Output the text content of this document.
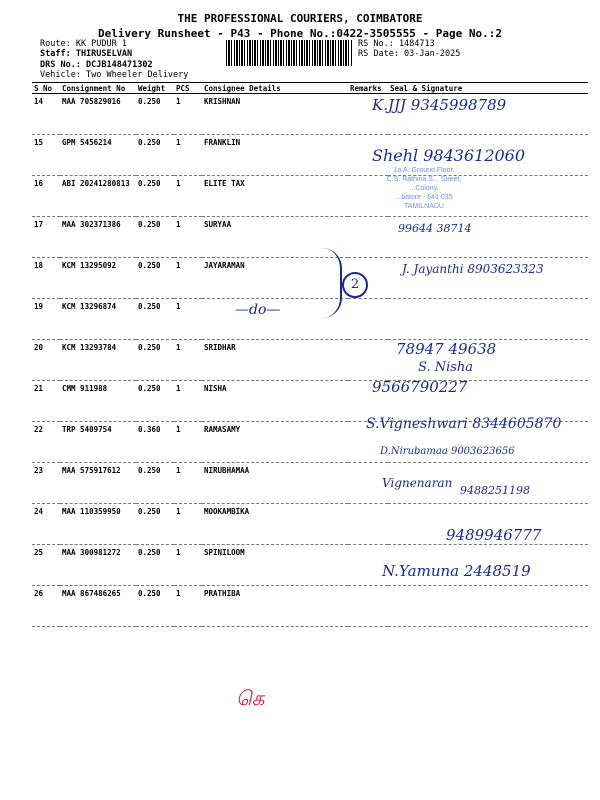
THE PROFESSIONAL COURIERS, COIMBATORE
Delivery Runsheet - P43 - Phone No.:0422-3505555 - Page No.:2
Route: KK PUDUR 1
Staff: THIRUSELVAN
DRS No.: DCJB148471302
Vehicle: Two Wheeler Delivery
RS No.: 1484713
RS Date: 03-Jan-2025
S No	Consignment No	Weight	PCS	Consignee Details	Remarks	Seal & Signature
14	MAA 705829016	0.250	1	KRISHNAN		
15	GPM 5456214	0.250	1	FRANKLIN		
16	ABI 20241280813	0.250	1	ELITE TAX		
17	MAA 302371386	0.250	1	SURYAA		
18	KCM 13295092	0.250	1	JAYARAMAN		
19	KCM 13296874	0.250	1			
20	KCM 13293784	0.250	1	SRIDHAR		
21	CMM 911988	0.250	1	NISHA		
22	TRP 5409754	0.360	1	RAMASAMY		
23	MAA 575917612	0.250	1	NIRUBHAMAA		
24	MAA 110359950	0.250	1	MOOKAMBIKA		
25	MAA 300981272	0.250	1	SPINILOOM		
26	MAA 867486265	0.250	1	PRATHIBA		
K.JJJ 9345998789
1a A. Ground Floor,
C.S. Rathina S... Street,
...Colony,
...batore - 641 035
TAMILNADU
Shehl 9843612060
99644 38714
J. Jayanthi 8903623323
78947 49638
S. Nisha
9566790227
S.Vigneshwari 8344605870
D.Nirubamaa 9003623656
Vignenaran
9488251198
9489946777
N.Yamuna 2448519
2
—do—
கெ
